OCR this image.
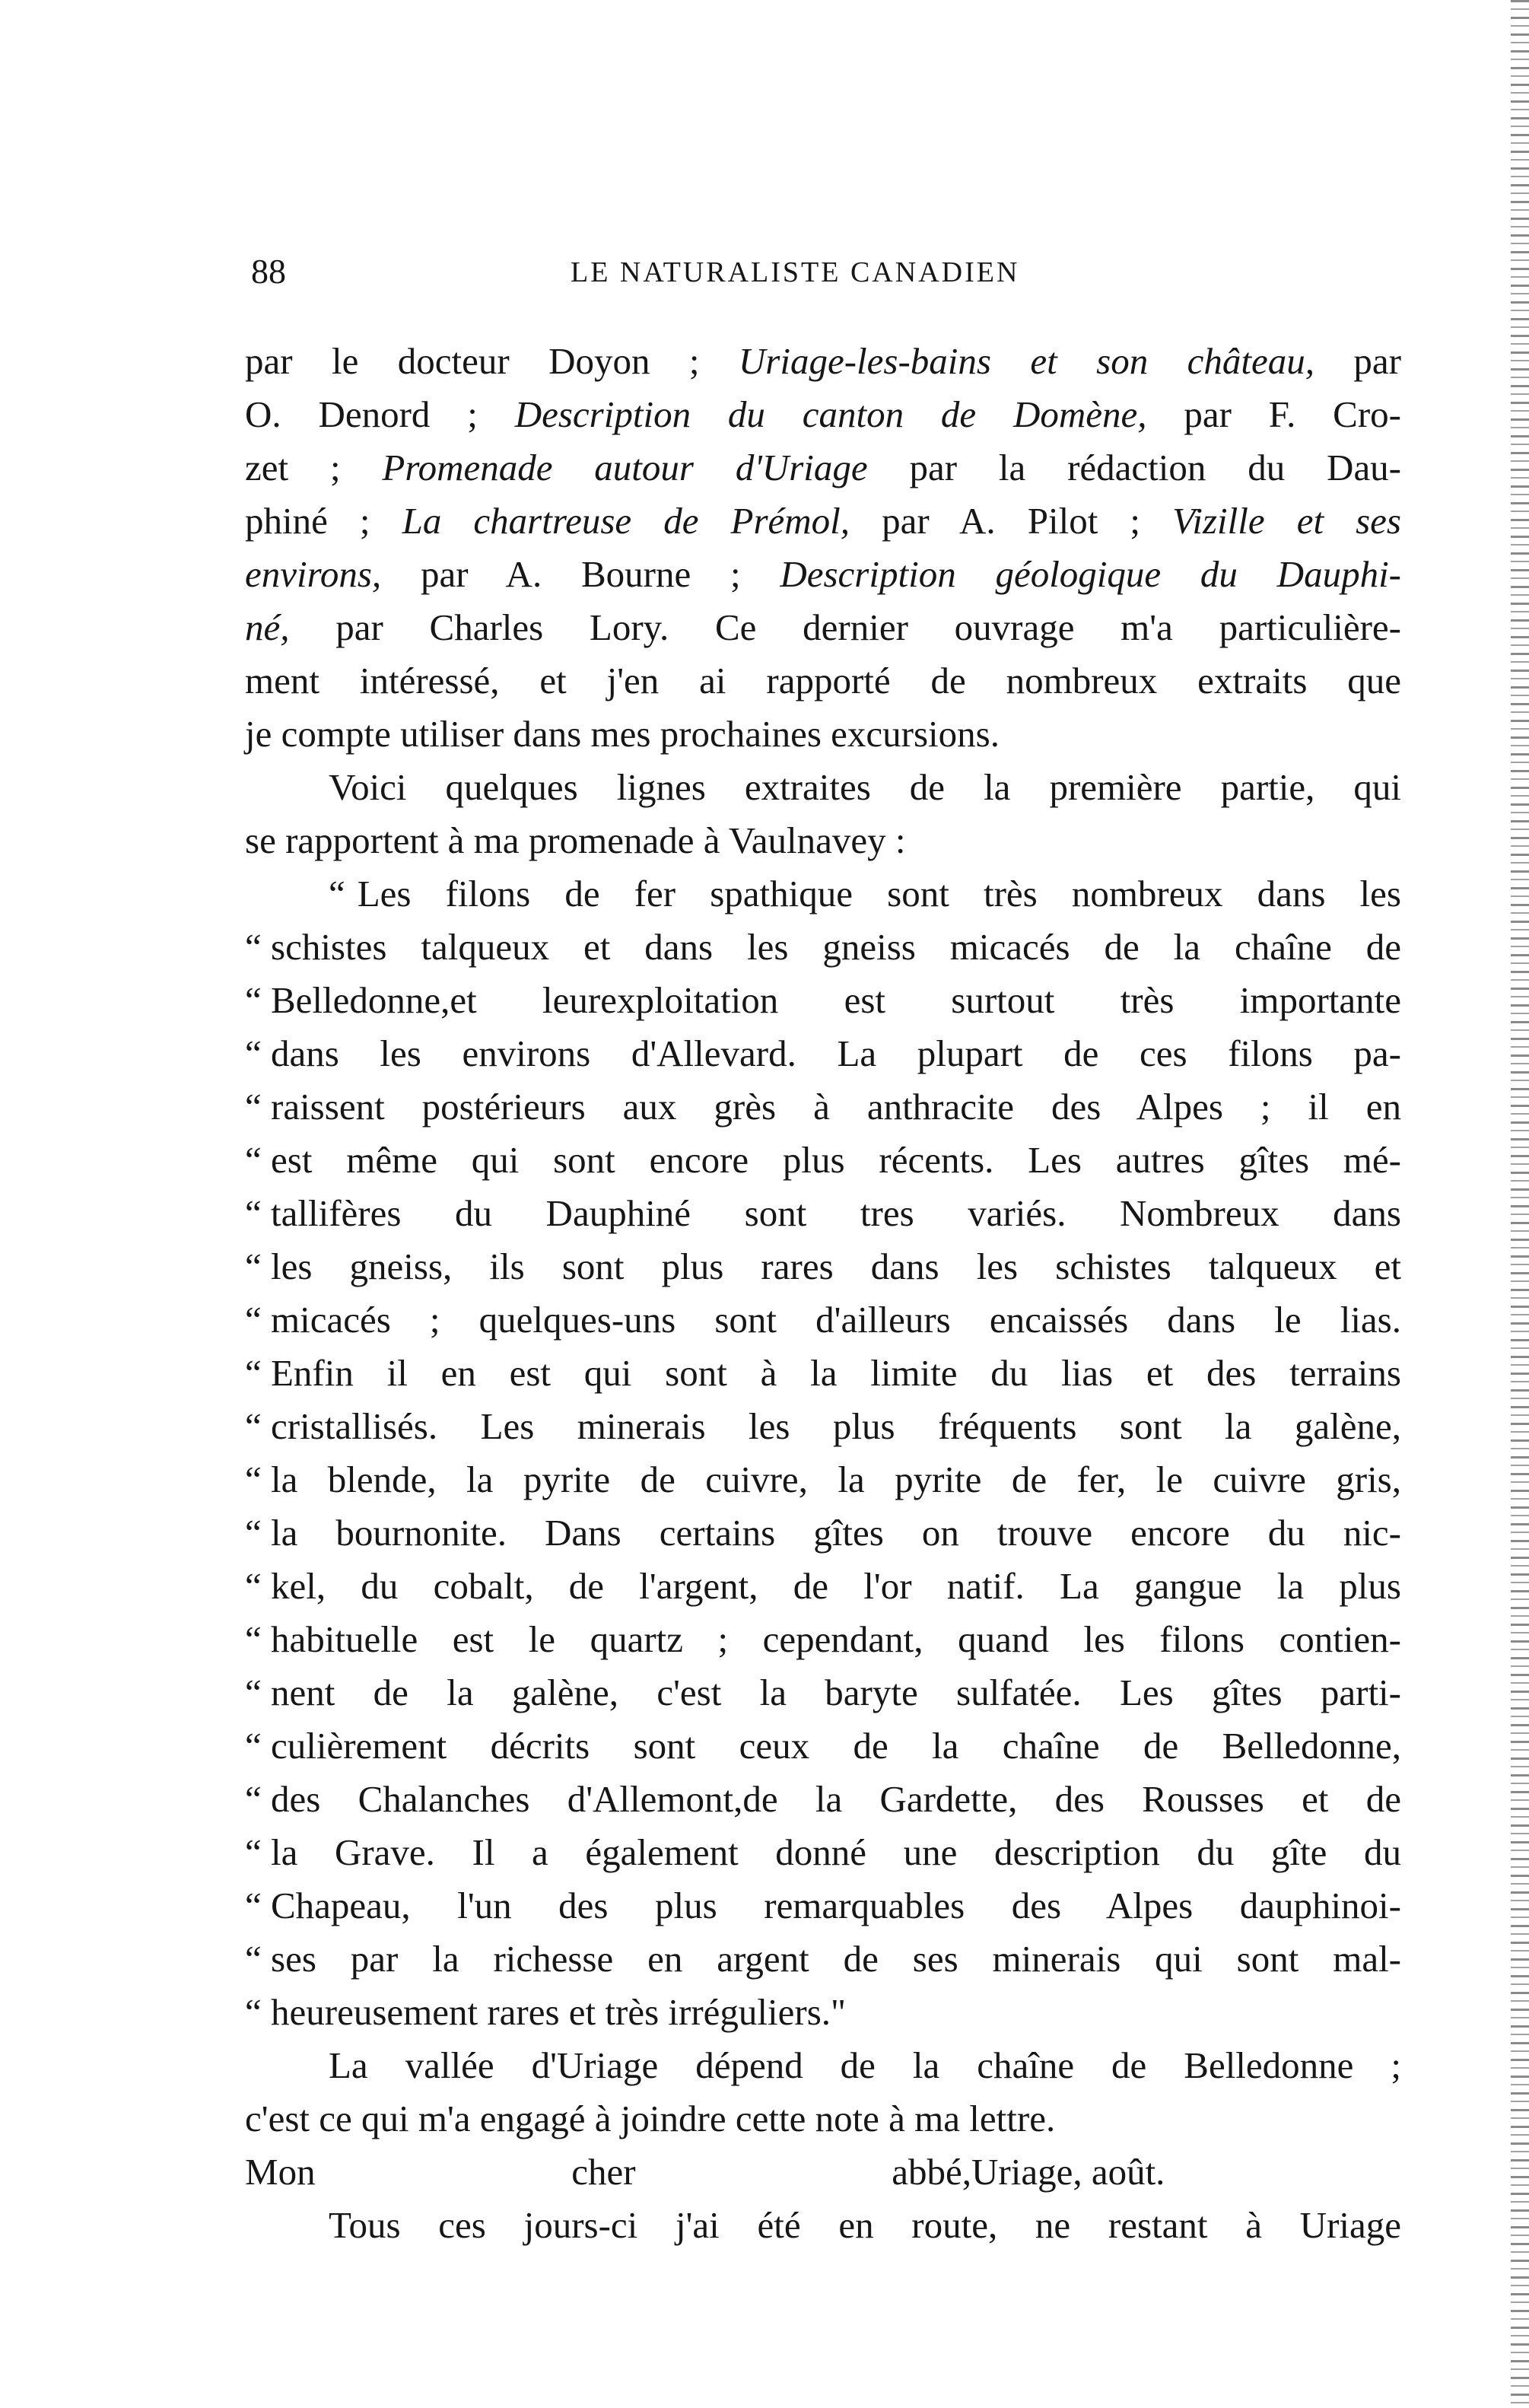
88	LE NATURALISTE CANADIEN
par le docteur Doyon ; Uriage-les-bains et son château, par
O. Denord ; Description du canton de Domène, par F. Cro-
zet ; Promenade autour d'Uriage par la rédaction du Dau-
phiné ; La chartreuse de Prémol, par A. Pilot ; Vizille et ses
environs, par A. Bourne ; Description géologique du Dauphi-
né, par Charles Lory. Ce dernier ouvrage m'a particulière-
ment intéressé, et j'en ai rapporté de nombreux extraits que
je compte utiliser dans mes prochaines excursions.
Voici quelques lignes extraites de la première partie, qui
se rapportent à ma promenade à Vaulnavey :
“ Les filons de fer spathique sont très nombreux dans les
“ schistes talqueux et dans les gneiss micacés de la chaîne de
“ Belledonne,et leurexploitation est surtout très importante
“ dans les environs d'Allevard. La plupart de ces filons pa-
“ raissent postérieurs aux grès à anthracite des Alpes ; il en
“ est même qui sont encore plus récents. Les autres gîtes mé-
“ tallifères du Dauphiné sont tres variés. Nombreux dans
“ les gneiss, ils sont plus rares dans les schistes talqueux et
“ micacés ; quelques-uns sont d'ailleurs encaissés dans le lias.
“ Enfin il en est qui sont à la limite du lias et des terrains
“ cristallisés. Les minerais les plus fréquents sont la galène,
“ la blende, la pyrite de cuivre, la pyrite de fer, le cuivre gris,
“ la bournonite. Dans certains gîtes on trouve encore du nic-
“ kel, du cobalt, de l'argent, de l'or natif. La gangue la plus
“ habituelle est le quartz ; cependant, quand les filons contien-
“ nent de la galène, c'est la baryte sulfatée. Les gîtes parti-
“ culièrement décrits sont ceux de la chaîne de Belledonne,
“ des Chalanches d'Allemont,de la Gardette, des Rousses et de
“ la Grave. Il a également donné une description du gîte du
“ Chapeau, l'un des plus remarquables des Alpes dauphinoi-
“ ses par la richesse en argent de ses minerais qui sont mal-
“ heureusement rares et très irréguliers."
La vallée d'Uriage dépend de la chaîne de Belledonne ;
c'est ce qui m'a engagé à joindre cette note à ma lettre.
Mon cher abbé, Uriage, août.
Tous ces jours-ci j'ai été en route, ne restant à Uriage
